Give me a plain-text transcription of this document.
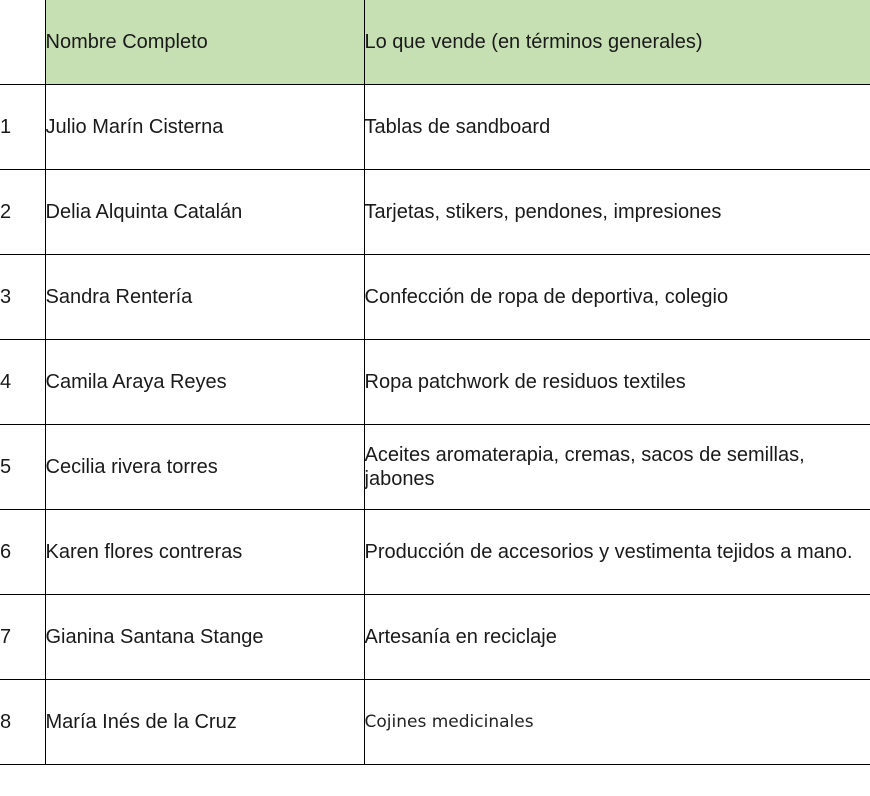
	Nombre Completo	Lo que vende (en términos generales)
1	Julio Marín Cisterna	Tablas de sandboard
2	Delia Alquinta Catalán	Tarjetas, stikers, pendones, impresiones
3	Sandra Rentería	Confección de ropa de deportiva, colegio
4	Camila Araya Reyes	Ropa patchwork de residuos textiles
5	Cecilia rivera torres	Aceites aromaterapia, cremas, sacos de semillas, jabones
6	Karen flores contreras	Producción de accesorios y vestimenta tejidos a mano.
7	Gianina Santana Stange	Artesanía en reciclaje
8	María Inés de la Cruz	Cojines medicinales
